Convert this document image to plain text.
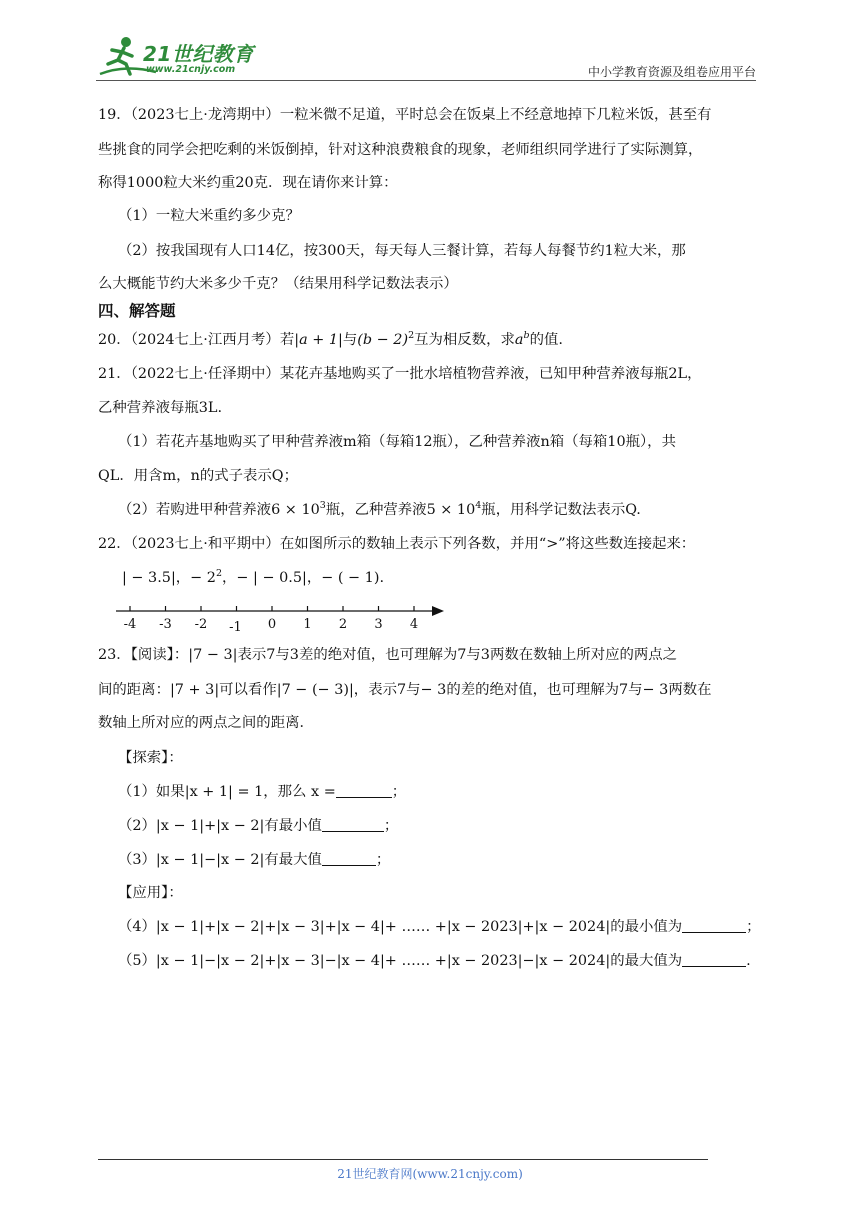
21世纪教育
www.21cnjy.com	中小学教育资源及组卷应用平台
19．（2023七上·龙湾期中）一粒米微不足道，平时总会在饭桌上不经意地掉下几粒米饭，甚至有
些挑食的同学会把吃剩的米饭倒掉，针对这种浪费粮食的现象，老师组织同学进行了实际测算，
称得1000粒大米约重20克．现在请你来计算：
（1）一粒大米重约多少克？
（2）按我国现有人口14亿，按300天，每天每人三餐计算，若每人每餐节约1粒大米，那
么大概能节约大米多少千克？（结果用科学记数法表示）
四、解答题
20．（2024七上·江西月考）若|a + 1|与$(b - 2)^2$互为相反数，求$a^b$的值.
21．（2022七上·任泽期中）某花卉基地购买了一批水培植物营养液，已知甲种营养液每瓶2L，
乙种营养液每瓶3L.
（1）若花卉基地购买了甲种营养液m箱（每箱12瓶），乙种营养液n箱（每箱10瓶），共
QL．用含m，n的式子表示Q；
（2）若购进甲种营养液$6 \times 10^3$瓶，乙种营养液$5 \times 10^4$瓶，用科学记数法表示Q.
22．（2023七上·和平期中）在如图所示的数轴上表示下列各数，并用“>”将这些数连接起来：
| − 3.5|，− $2^2$，− | − 0.5|，− ( − 1).
-4 -3 -2 -1 0 1 2 3 4
23．【阅读】：|7 − 3|表示7与3差的绝对值，也可理解为7与3两数在数轴上所对应的两点之
间的距离：|7 + 3|可以看作|7 − (− 3)|，表示7与− 3的差的绝对值，也可理解为7与− 3两数在
数轴上所对应的两点之间的距离．
【探索】：
（1）如果|x + 1| = 1，那么 x =	；
（2）|x − 1|+|x − 2|有最小值	；
（3）|x − 1|−|x − 2|有最大值	；
【应用】：
（4）|x − 1|+|x − 2|+|x − 3|+|x − 4|+ …… +|x − 2023|+|x − 2024|的最小值为	；
（5）|x − 1|−|x − 2|+|x − 3|−|x − 4|+ …… +|x − 2023|−|x − 2024|的最大值为	.
21世纪教育网(www.21cnjy.com)
